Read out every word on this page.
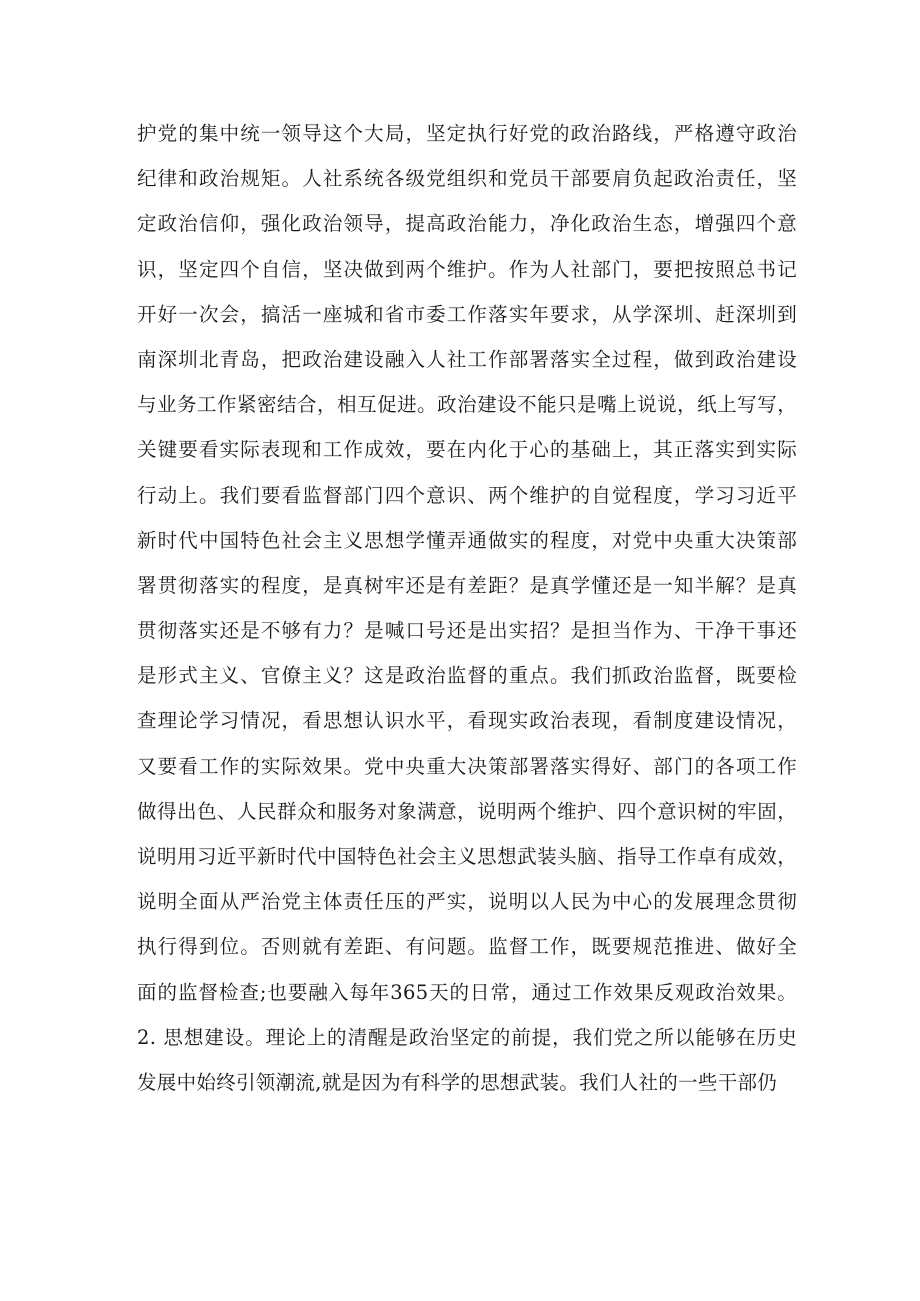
护党的集中统一领导这个大局，坚定执行好党的政治路线，严格遵守政治
纪律和政治规矩。人社系统各级党组织和党员干部要肩负起政治责任，坚
定政治信仰，强化政治领导，提高政治能力，净化政治生态，增强四个意
识，坚定四个自信，坚决做到两个维护。作为人社部门，要把按照总书记
开好一次会，搞活一座城和省市委工作落实年要求，从学深圳、赶深圳到
南深圳北青岛，把政治建设融入人社工作部署落实全过程，做到政治建设
与业务工作紧密结合，相互促进。政治建设不能只是嘴上说说，纸上写写，
关键要看实际表现和工作成效，要在内化于心的基础上，其正落实到实际
行动上。我们要看监督部门四个意识、两个维护的自觉程度，学习习近平
新时代中国特色社会主义思想学懂弄通做实的程度，对党中央重大决策部
署贯彻落实的程度，是真树牢还是有差距？是真学懂还是一知半解？是真
贯彻落实还是不够有力？是喊口号还是出实招？是担当作为、干净干事还
是形式主义、官僚主义？这是政治监督的重点。我们抓政治监督，既要检
查理论学习情况，看思想认识水平，看现实政治表现，看制度建设情况，
又要看工作的实际效果。党中央重大决策部署落实得好、部门的各项工作
做得出色、人民群众和服务对象满意，说明两个维护、四个意识树的牢固，
说明用习近平新时代中国特色社会主义思想武装头脑、指导工作卓有成效，
说明全面从严治党主体责任压的严实，说明以人民为中心的发展理念贯彻
执行得到位。否则就有差距、有问题。监督工作，既要规范推进、做好全
面的监督检查;也要融入每年365天的日常，通过工作效果反观政治效果。
2. 思想建设。理论上的清醒是政治坚定的前提，我们党之所以能够在历史
发展中始终引领潮流,就是因为有科学的思想武装。我们人社的一些干部仍
